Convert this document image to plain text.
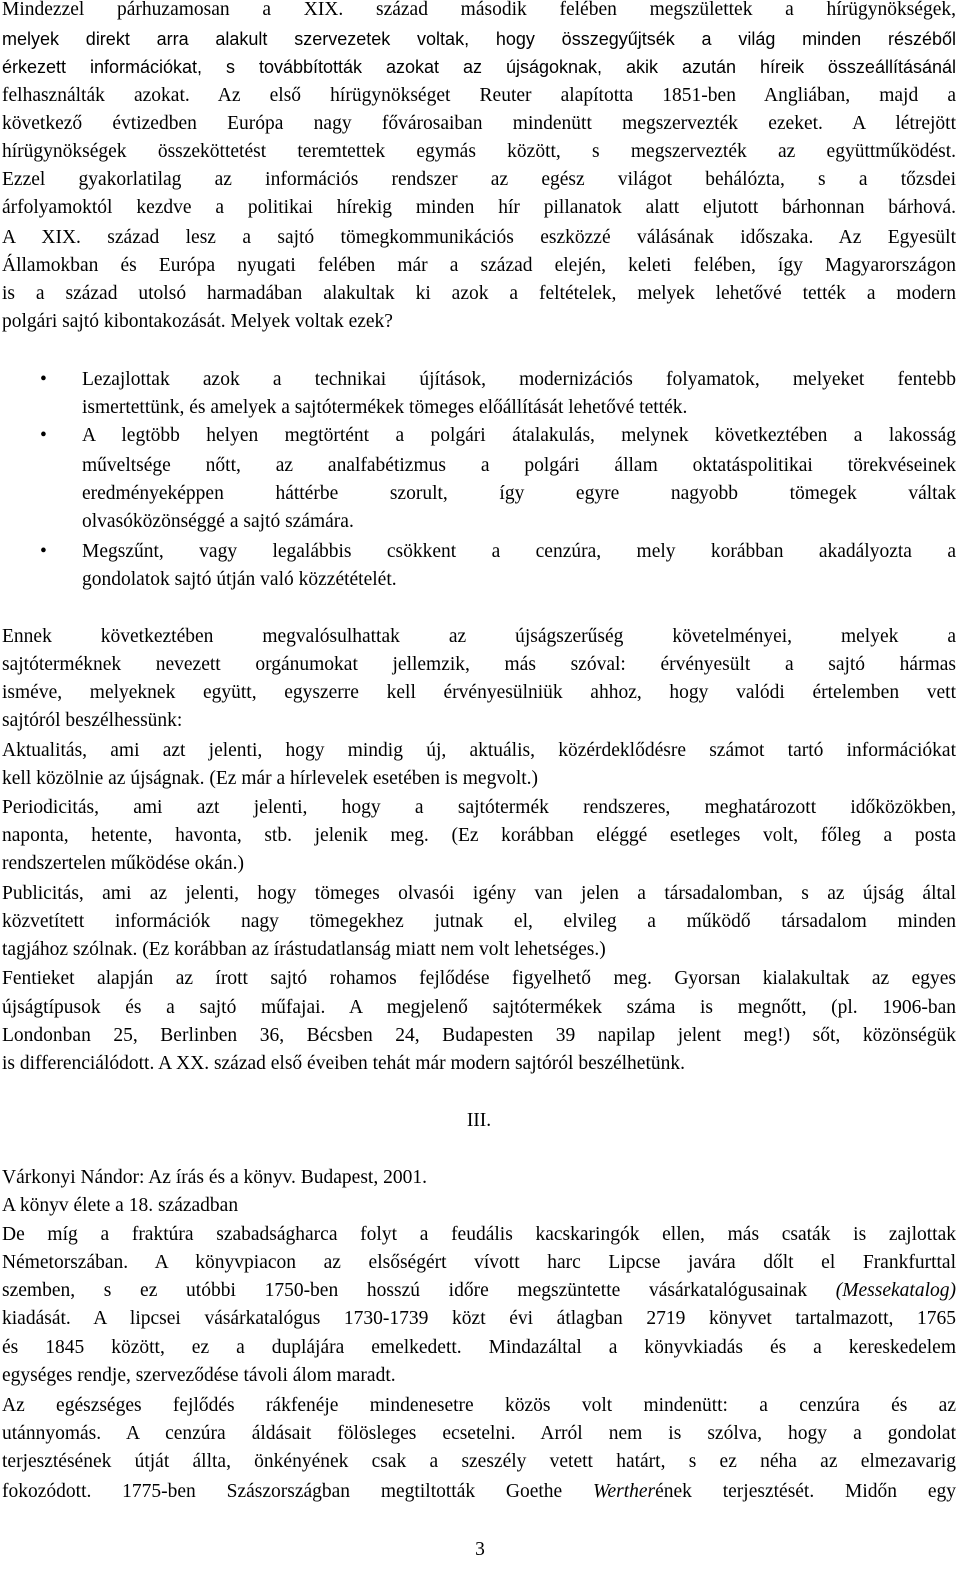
Mindezzel párhuzamosan a XIX. század második felében megszülettek a hírügynökségek,
melyek direkt arra alakult szervezetek voltak, hogy összegyűjtsék a világ minden részéből
érkezett információkat, s továbbították azokat az újságoknak, akik azután híreik összeállításánál
felhasználták azokat. Az első hírügynökséget Reuter alapította 1851-ben Angliában, majd a
következő évtizedben Európa nagy fővárosaiban mindenütt megszervezték ezeket. A létrejött
hírügynökségek összeköttetést teremtettek egymás között, s megszervezték az együttműködést.
Ezzel gyakorlatilag az információs rendszer az egész világot behálózta, s a tőzsdei
árfolyamoktól kezdve a politikai hírekig minden hír pillanatok alatt eljutott bárhonnan bárhová.
A XIX. század lesz a sajtó tömegkommunikációs eszközzé válásának időszaka. Az Egyesült
Államokban és Európa nyugati felében már a század elején, keleti felében, így Magyarországon
is a század utolsó harmadában alakultak ki azok a feltételek, melyek lehetővé tették a modern
polgári sajtó kibontakozását. Melyek voltak ezek?
• Lezajlottak azok a technikai újítások, modernizációs folyamatok, melyeket fentebb
ismertettünk, és amelyek a sajtótermékek tömeges előállítását lehetővé tették.
• A legtöbb helyen megtörtént a polgári átalakulás, melynek következtében a lakosság
műveltsége nőtt, az analfabétizmus a polgári állam oktatáspolitikai törekvéseinek
eredményeképpen háttérbe szorult, így egyre nagyobb tömegek váltak
olvasóközönséggé a sajtó számára.
• Megszűnt, vagy legalábbis csökkent a cenzúra, mely korábban akadályozta a
gondolatok sajtó útján való közzétételét.
Ennek következtében megvalósulhattak az újságszerűség követelményei, melyek a
sajtóterméknek nevezett orgánumokat jellemzik, más szóval: érvényesült a sajtó hármas
isméve, melyeknek együtt, egyszerre kell érvényesülniük ahhoz, hogy valódi értelemben vett
sajtóról beszélhessünk:
Aktualitás, ami azt jelenti, hogy mindig új, aktuális, közérdeklődésre számot tartó információkat
kell közölnie az újságnak. (Ez már a hírlevelek esetében is megvolt.)
Periodicitás, ami azt jelenti, hogy a sajtótermék rendszeres, meghatározott időközökben,
naponta, hetente, havonta, stb. jelenik meg. (Ez korábban eléggé esetleges volt, főleg a posta
rendszertelen működése okán.)
Publicitás, ami az jelenti, hogy tömeges olvasói igény van jelen a társadalomban, s az újság által
közvetített információk nagy tömegekhez jutnak el, elvileg a működő társadalom minden
tagjához szólnak. (Ez korábban az írástudatlanság miatt nem volt lehetséges.)
Fentieket alapján az írott sajtó rohamos fejlődése figyelhető meg. Gyorsan kialakultak az egyes
újságtípusok és a sajtó műfajai. A megjelenő sajtótermékek száma is megnőtt, (pl. 1906-ban
Londonban 25, Berlinben 36, Bécsben 24, Budapesten 39 napilap jelent meg!) sőt, közönségük
is differenciálódott. A XX. század első éveiben tehát már modern sajtóról beszélhetünk.
III.
Várkonyi Nándor: Az írás és a könyv. Budapest, 2001.
A könyv élete a 18. században
De míg a fraktúra szabadságharca folyt a feudális kacskaringók ellen, más csaták is zajlottak
Németorszában. A könyvpiacon az elsőségért vívott harc Lipcse javára dőlt el Frankfurttal
szemben, s ez utóbbi 1750-ben hosszú időre megszüntette vásárkatalógusainak (Messekatalog)
kiadását. A lipcsei vásárkatalógus 1730-1739 közt évi átlagban 2719 könyvet tartalmazott, 1765
és 1845 között, ez a duplájára emelkedett. Mindazáltal a könyvkiadás és a kereskedelem
egységes rendje, szerveződése távoli álom maradt.
Az egészséges fejlődés rákfenéje mindenesetre közös volt mindenütt: a cenzúra és az
utánnyomás. A cenzúra áldásait fölösleges ecsetelni. Arról nem is szólva, hogy a gondolat
terjesztésének útját állta, önkényének csak a szeszély vetett határt, s ez néha az elmezavarig
fokozódott. 1775-ben Szászországban megtiltották Goethe Wertherének terjesztését. Midőn egy
3
